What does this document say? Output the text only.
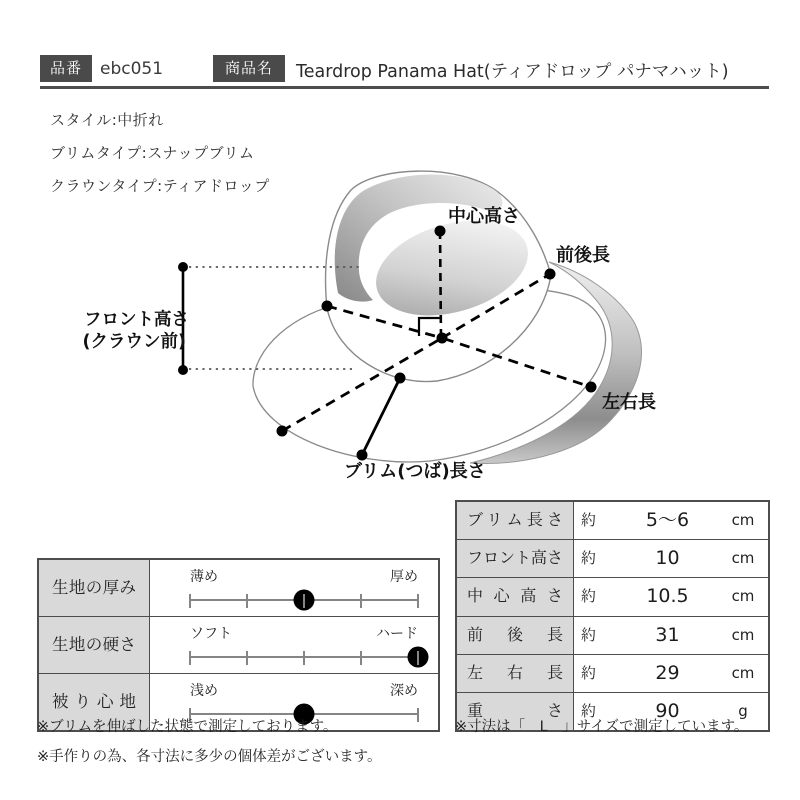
品番	ebc051	商品名	Teardrop Panama Hat(ティアドロップ パナマハット)
スタイル:中折れ
ブリムタイプ:スナップブリム
クラウンタイプ:ティアドロップ
中心高さ
前後長
左右長
ブリム(つば)長さ
フロント高さ
(クラウン前)
生地の厚み
薄め	厚め
生地の硬さ
ソフト	ハード
被り心地
浅め	深め
ブリム長さ	約	5〜6	cm
フロント高さ	約	10	cm
中心高さ	約	10.5	cm
前後長	約	31	cm
左右長	約	29	cm
重さ	約	90	g
※ブリムを伸ばした状態で測定しております。
※手作りの為、各寸法に多少の個体差がございます。
※寸法は「　L　」サイズで測定しています。
